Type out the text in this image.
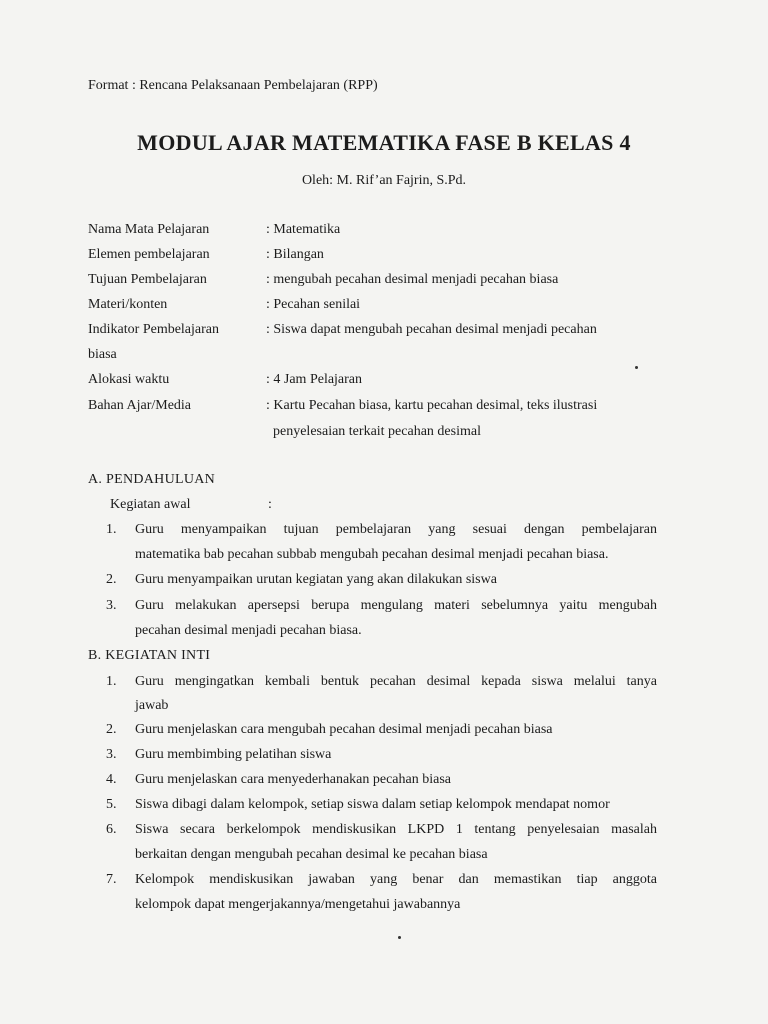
Format : Rencana Pelaksanaan Pembelajaran (RPP)
MODUL AJAR MATEMATIKA FASE B KELAS 4
Oleh: M. Rif’an Fajrin, S.Pd.
Nama Mata Pelajaran	: Matematika
Elemen pembelajaran	: Bilangan
Tujuan Pembelajaran	: mengubah pecahan desimal menjadi pecahan biasa
Materi/konten	: Pecahan senilai
Indikator Pembelajaran	: Siswa dapat mengubah pecahan desimal menjadi pecahan
biasa
Alokasi waktu	: 4 Jam Pelajaran
Bahan Ajar/Media	: Kartu Pecahan biasa, kartu pecahan desimal, teks ilustrasi
penyelesaian terkait pecahan desimal
A. PENDAHULUAN
Kegiatan awal	:
1. Guru menyampaikan tujuan pembelajaran yang sesuai dengan pembelajaran
matematika bab pecahan subbab mengubah pecahan desimal menjadi pecahan biasa.
2. Guru menyampaikan urutan kegiatan yang akan dilakukan siswa
3. Guru melakukan apersepsi berupa mengulang materi sebelumnya yaitu mengubah
pecahan desimal menjadi pecahan biasa.
B. KEGIATAN INTI
1. Guru mengingatkan kembali bentuk pecahan desimal kepada siswa melalui tanya
jawab
2. Guru menjelaskan cara mengubah pecahan desimal menjadi pecahan biasa
3. Guru membimbing pelatihan siswa
4. Guru menjelaskan cara menyederhanakan pecahan biasa
5. Siswa dibagi dalam kelompok, setiap siswa dalam setiap kelompok mendapat nomor
6. Siswa secara berkelompok mendiskusikan LKPD 1 tentang penyelesaian masalah
berkaitan dengan mengubah pecahan desimal ke pecahan biasa
7. Kelompok mendiskusikan jawaban yang benar dan memastikan tiap anggota
kelompok dapat mengerjakannya/mengetahui jawabannya
